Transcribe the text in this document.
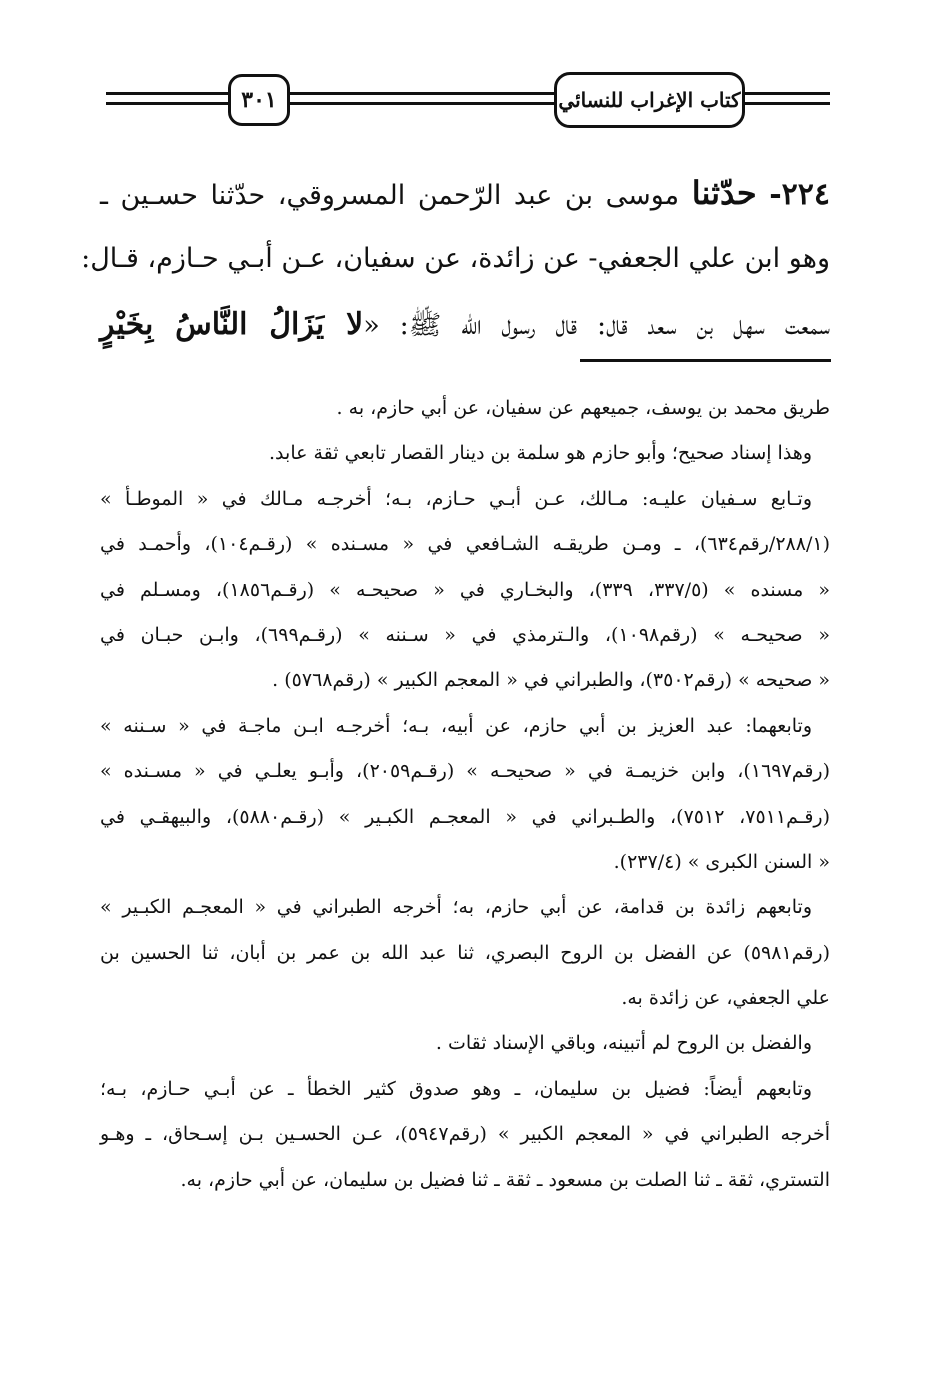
كتاب الإغراب للنسائي
٣٠١
٢٢٤- حدّثنا موسى بن عبد الرّحمن المسروقي، حدّثنا حسـين ـ
وهو ابن علي الجعفي- عن زائدة، عن سفيان، عـن أبـي حـازم، قـال:
سمعت سهل بن سعد قال: قال رسول الله ﷺ: «لا يَزَالُ النَّاسُ بِخَيْرٍ

طريق محمد بن يوسف، جميعهم عن سفيان، عن أبي حازم، به .

وهذا إسناد صحيح؛ وأبو حازم هو سلمة بن دينار القصار تابعي ثقة عابد.

وتـابع سـفيان عليـه: مـالك، عـن أبـي حـازم، بـه؛ أخرجـه مـالك في « الموطـأ »

(٢٨٨/١/رقم٦٣٤)، ـ ومـن طريقـه الشـافعي في « مسـنده » (رقـم١٠٤)، وأحمـد في

« مسنده » (٣٣٧/٥، ٣٣٩)، والبخـاري في « صحيحـه » (رقـم١٨٥٦)، ومسـلم في

« صحيحـه » (رقم١٠٩٨)، والـترمذي في « سـننه » (رقـم٦٩٩)، وابـن حبـان في

« صحيحه » (رقم٣٥٠٢)، والطبراني في « المعجم الكبير » (رقم٥٧٦٨) .

وتابعهما: عبد العزيز بن أبي حازم، عن أبيه، بـه؛ أخرجـه ابـن ماجـة في « سـننه »

(رقم١٦٩٧)، وابن خزيمـة في « صحيحـه » (رقـم٢٠٥٩)، وأبـو يعلـي في « مسـنده »

(رقـم٧٥١١، ٧٥١٢)، والطـبراني في « المعجـم الكبـير » (رقـم٥٨٨٠)، والبيهقـي في

« السنن الكبرى » (٢٣٧/٤).

وتابعهم زائدة بن قدامة، عن أبي حازم، به؛ أخرجه الطبراني في « المعجـم الكبـير »

(رقم٥٩٨١) عن الفضل بن الروح البصري، ثنا عبد الله بن عمر بن أبان، ثنا الحسين بن

علي الجعفي، عن زائدة به.

والفضل بن الروح لم أتبينه، وباقي الإسناد ثقات .

وتابعهم أيضاً: فضيل بن سليمان، ـ وهو صدوق كثير الخطأ ـ عن أبـي حـازم، بـه؛

أخرجه الطبراني في « المعجم الكبير » (رقم٥٩٤٧)، عـن الحسـين بـن إسـحاق، ـ وهـو

التستري، ثقة ـ ثنا الصلت بن مسعود ـ ثقة ـ ثنا فضيل بن سليمان، عن أبي حازم، به.
